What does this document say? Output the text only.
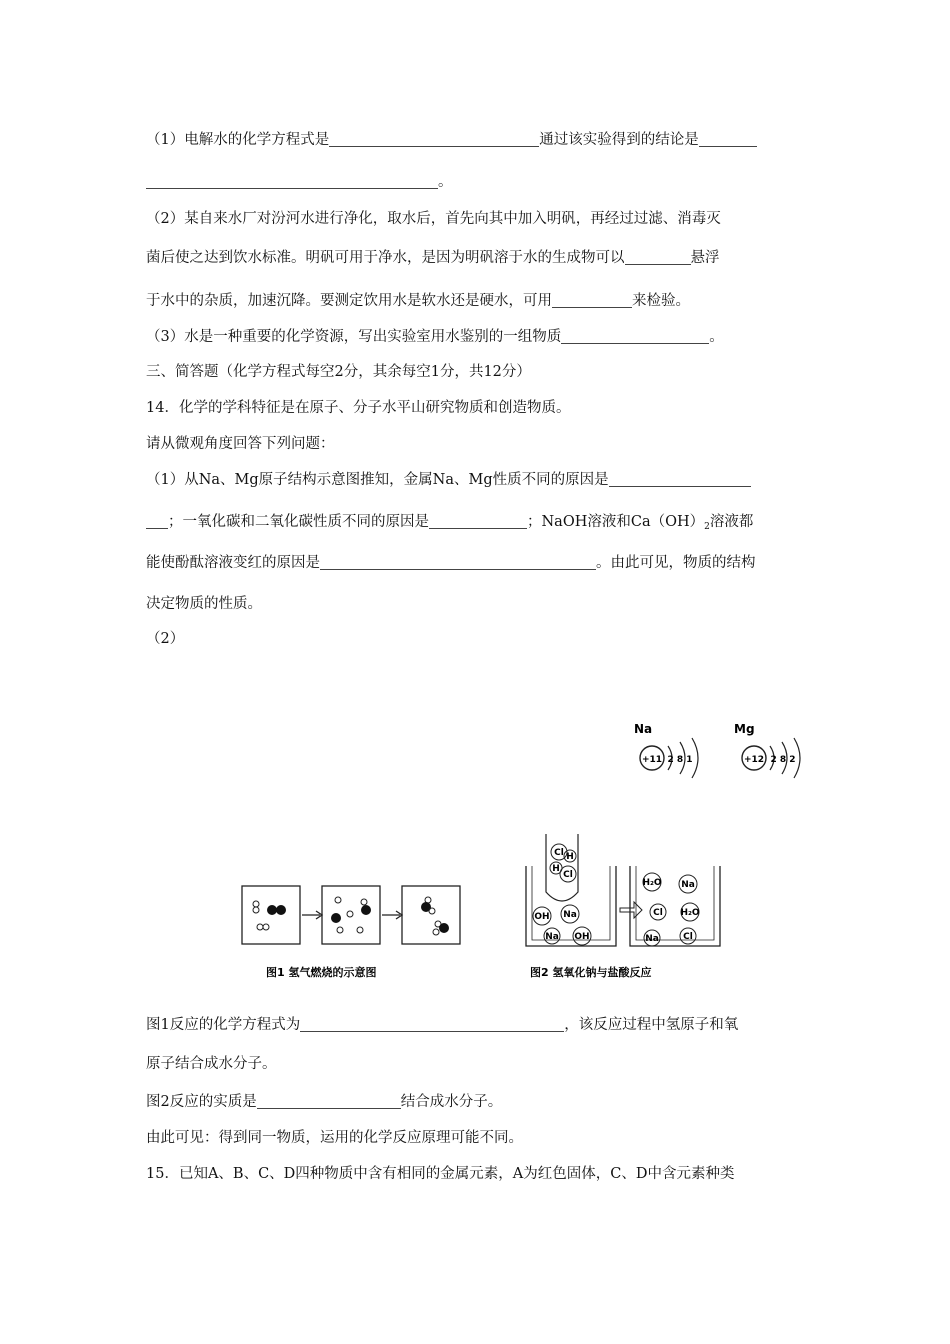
（1）电解水的化学方程式是	通过该实验得到的结论是
。
（2）某自来水厂对汾河水进行净化，取水后，首先向其中加入明矾，再经过过滤、消毒灭
菌后使之达到饮水标准。明矾可用于净水，是因为明矾溶于水的生成物可以	悬浮
于水中的杂质，加速沉降。要测定饮用水是软水还是硬水，可用	来检验。
（3）水是一种重要的化学资源，写出实验室用水鉴别的一组物质	。
三、简答题（化学方程式每空2分，其余每空1分，共12分）
14．化学的学科特征是在原子、分子水平山研究物质和创造物质。
请从微观角度回答下列问题：
（1）从Na、Mg原子结构示意图推知，金属Na、Mg性质不同的原因是
；一氧化碳和二氧化碳性质不同的原因是	；NaOH溶液和$Ca(OH)_2$溶液都
能使酚酞溶液变红的原因是	。由此可见，物质的结构
决定物质的性质。
（2）
Na
+11 2 8 1
Mg
+12 2 8 2
图1 氢气燃烧的示意图
Cl H
H
Cl
OH Na
Na OH
H₂O Na
Cl H₂O
Na	Cl
图2 氢氧化钠与盐酸反应
图1反应的化学方程式为	，该反应过程中氢原子和氧
原子结合成水分子。
图2反应的实质是	结合成水分子。
由此可见：得到同一物质，运用的化学反应原理可能不同。
15．已知A、B、C、D四种物质中含有相同的金属元素，A为红色固体，C、D中含元素种类
